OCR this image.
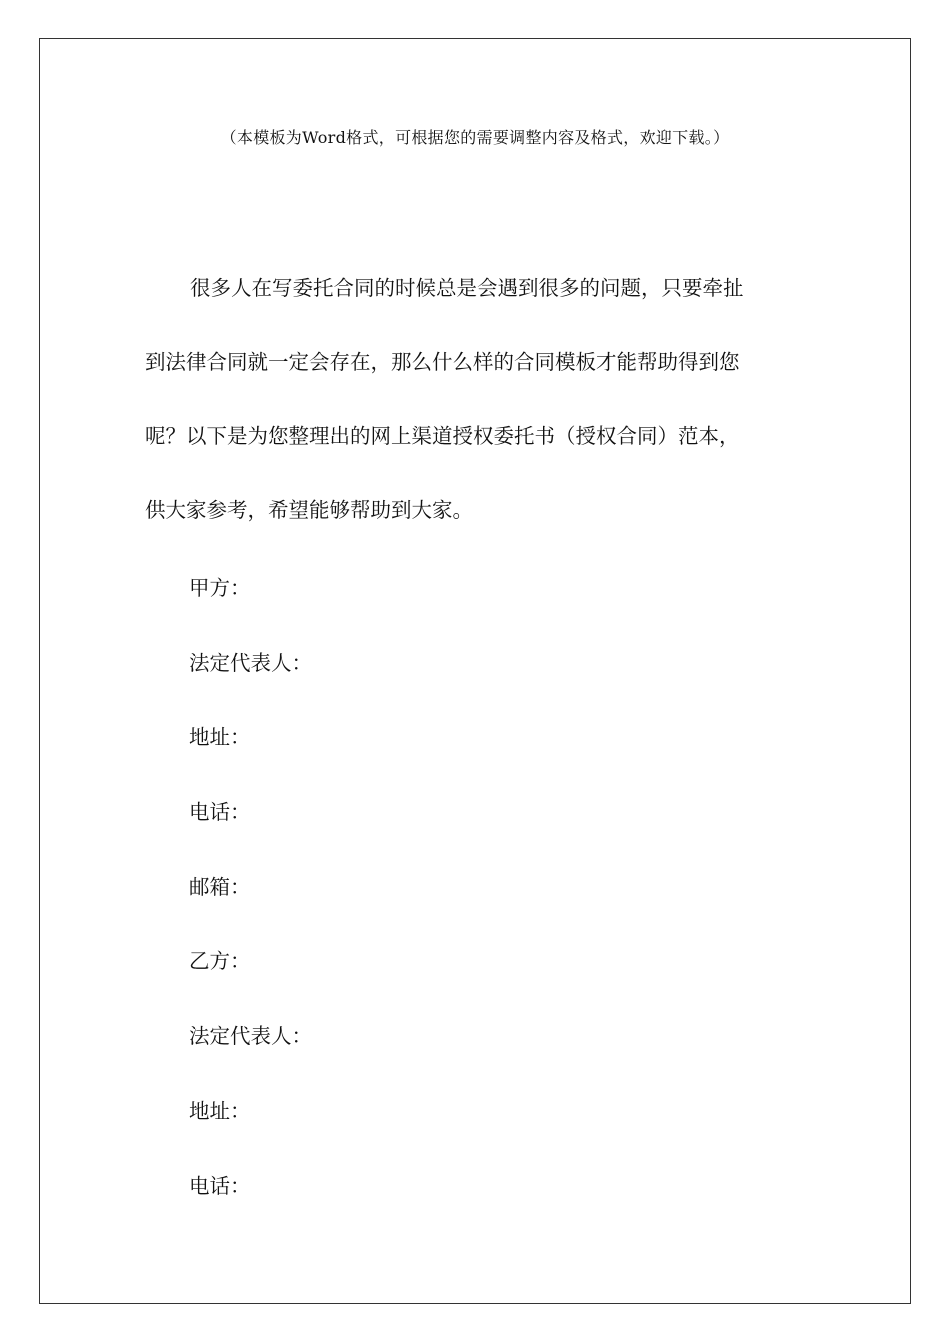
（本模板为Word格式，可根据您的需要调整内容及格式，欢迎下载。）
很多人在写委托合同的时候总是会遇到很多的问题，只要牵扯
到法律合同就一定会存在，那么什么样的合同模板才能帮助得到您
呢？以下是为您整理出的网上渠道授权委托书（授权合同）范本，
供大家参考，希望能够帮助到大家。
甲方：
法定代表人：
地址：
电话：
邮箱：
乙方：
法定代表人：
地址：
电话：
